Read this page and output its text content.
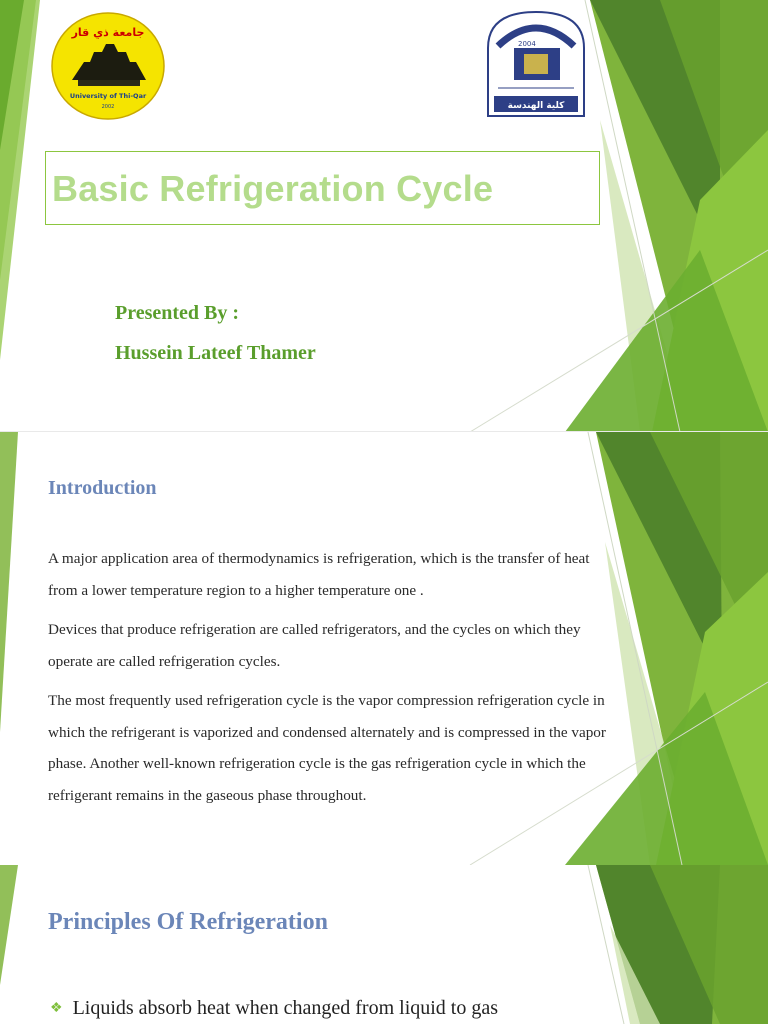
جامعة ذي قار
University of Thi-Qar
2002
2004
كلية الهندسة
Basic Refrigeration Cycle
Presented By :
Hussein Lateef Thamer
Introduction

A major application area of thermodynamics is refrigeration, which is the transfer of heat from a lower temperature region to a higher temperature one .

Devices that produce refrigeration are called refrigerators, and the cycles on which they operate are called refrigeration cycles.

The most frequently used refrigeration cycle is the vapor compression refrigeration cycle in which the refrigerant is vaporized and condensed alternately and is compressed in the vapor phase. Another well-known refrigeration cycle is the gas refrigeration cycle in which the refrigerant remains in the gaseous phase throughout.

Principles Of Refrigeration
❖ Liquids absorb heat when changed from liquid to gas
